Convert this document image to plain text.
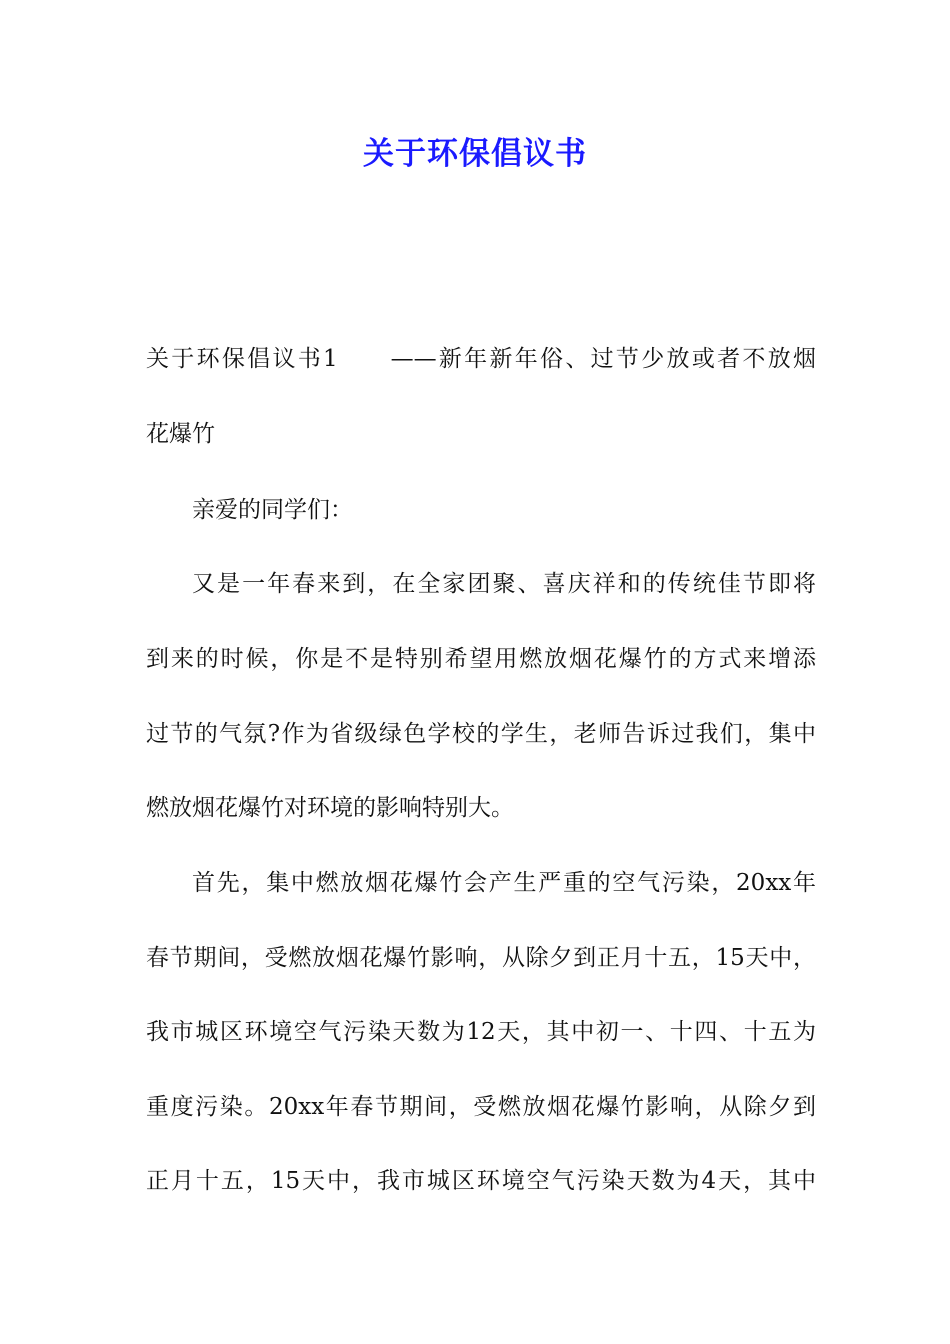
关于环保倡议书
关于环保倡议书1　　——新年新年俗、过节少放或者不放烟
花爆竹
亲爱的同学们：
又是一年春来到，在全家团聚、喜庆祥和的传统佳节即将
到来的时候，你是不是特别希望用燃放烟花爆竹的方式来增添
过节的气氛?作为省级绿色学校的学生，老师告诉过我们，集中
燃放烟花爆竹对环境的影响特别大。
首先，集中燃放烟花爆竹会产生严重的空气污染，20xx年
春节期间，受燃放烟花爆竹影响，从除夕到正月十五，15天中，
我市城区环境空气污染天数为12天，其中初一、十四、十五为
重度污染。20xx年春节期间，受燃放烟花爆竹影响，从除夕到
正月十五，15天中，我市城区环境空气污染天数为4天，其中
